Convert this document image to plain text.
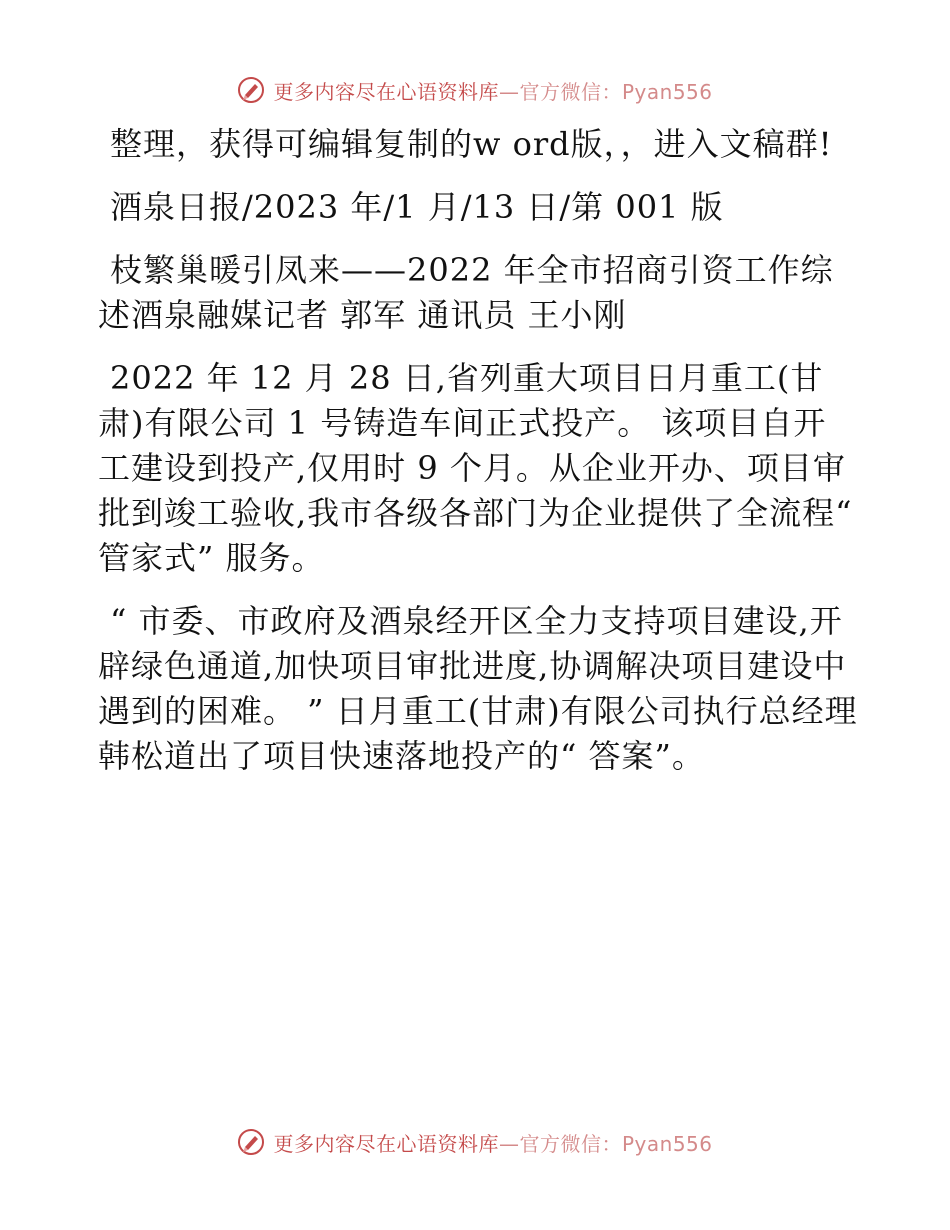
更多内容尽在心语资料库—官方微信：Pyan556

整理，获得可编辑复制的w ord版，，进入文稿群!

酒泉日报/2023 年/1 月/13 日/第 001 版

枝繁巢暖引凤来——2022 年全市招商引资工作综述酒泉融媒记者 郭军 通讯员 王小刚

2022 年 12 月 28 日,省列重大项目日月重工(甘肃)有限公司 1 号铸造车间正式投产。 该项目自开工建设到投产,仅用时 9 个月。从企业开办、项目审批到竣工验收,我市各级各部门为企业提供了全流程“ 管家式” 服务。

“ 市委、市政府及酒泉经开区全力支持项目建设,开辟绿色通道,加快项目审批进度,协调解决项目建设中遇到的困难。 ” 日月重工(甘肃)有限公司执行总经理韩松道出了项目快速落地投产的“ 答案”。

更多内容尽在心语资料库—官方微信：Pyan556
